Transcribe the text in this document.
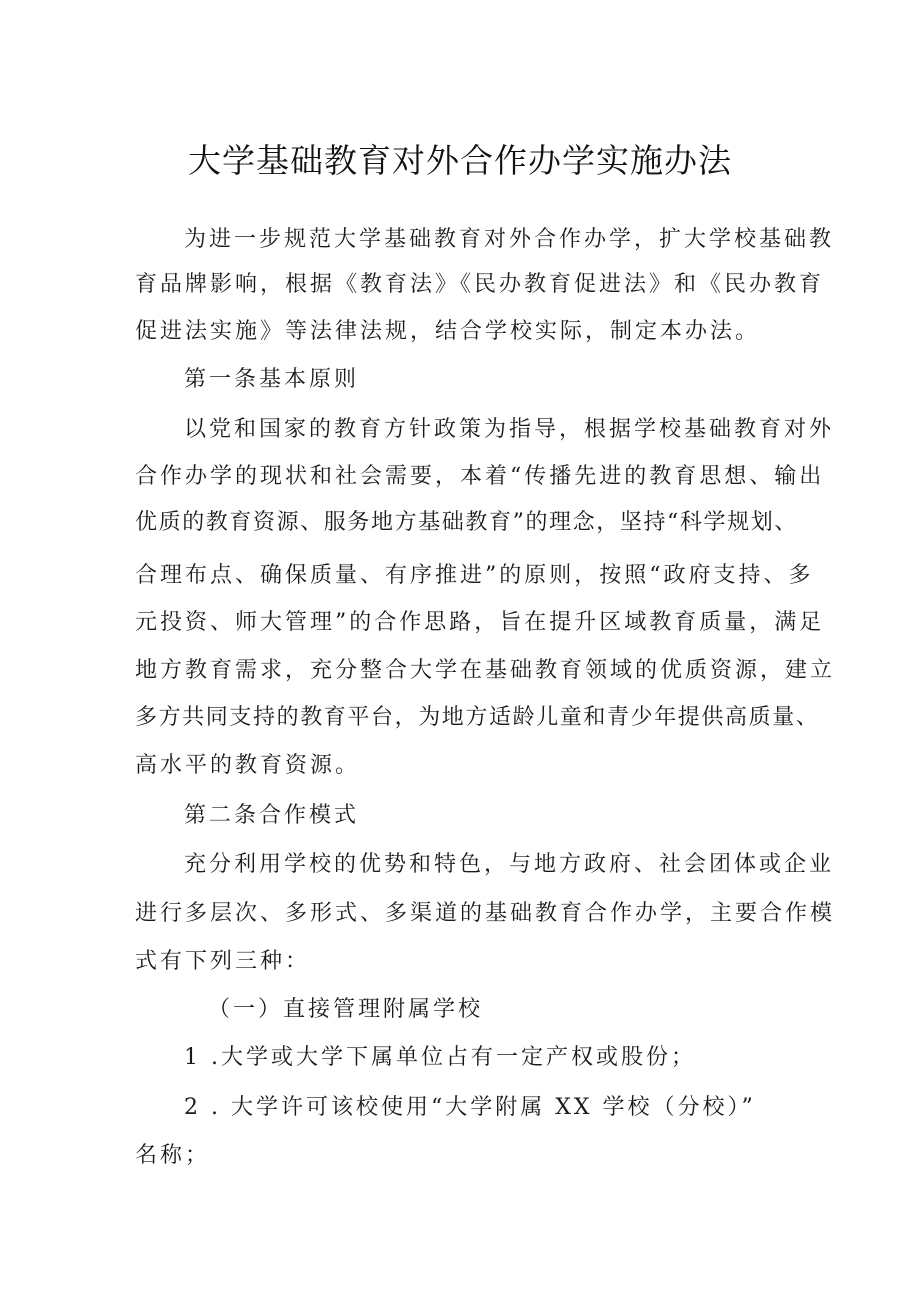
大学基础教育对外合作办学实施办法
为进一步规范大学基础教育对外合作办学，扩大学校基础教
育品牌影响，根据《教育法》《民办教育促进法》和《民办教育
促进法实施》等法律法规，结合学校实际，制定本办法。
第一条基本原则
以党和国家的教育方针政策为指导，根据学校基础教育对外
合作办学的现状和社会需要，本着“传播先进的教育思想、输出
优质的教育资源、服务地方基础教育”的理念，坚持“科学规划、
合理布点、确保质量、有序推进”的原则，按照“政府支持、多
元投资、师大管理”的合作思路，旨在提升区域教育质量，满足
地方教育需求，充分整合大学在基础教育领域的优质资源，建立
多方共同支持的教育平台，为地方适龄儿童和青少年提供高质量、
高水平的教育资源。
第二条合作模式
充分利用学校的优势和特色，与地方政府、社会团体或企业
进行多层次、多形式、多渠道的基础教育合作办学，主要合作模
式有下列三种：
（一）直接管理附属学校
1 .大学或大学下属单位占有一定产权或股份；
2 . 大学许可该校使用“大学附属 XX 学校（分校）”
名称；
